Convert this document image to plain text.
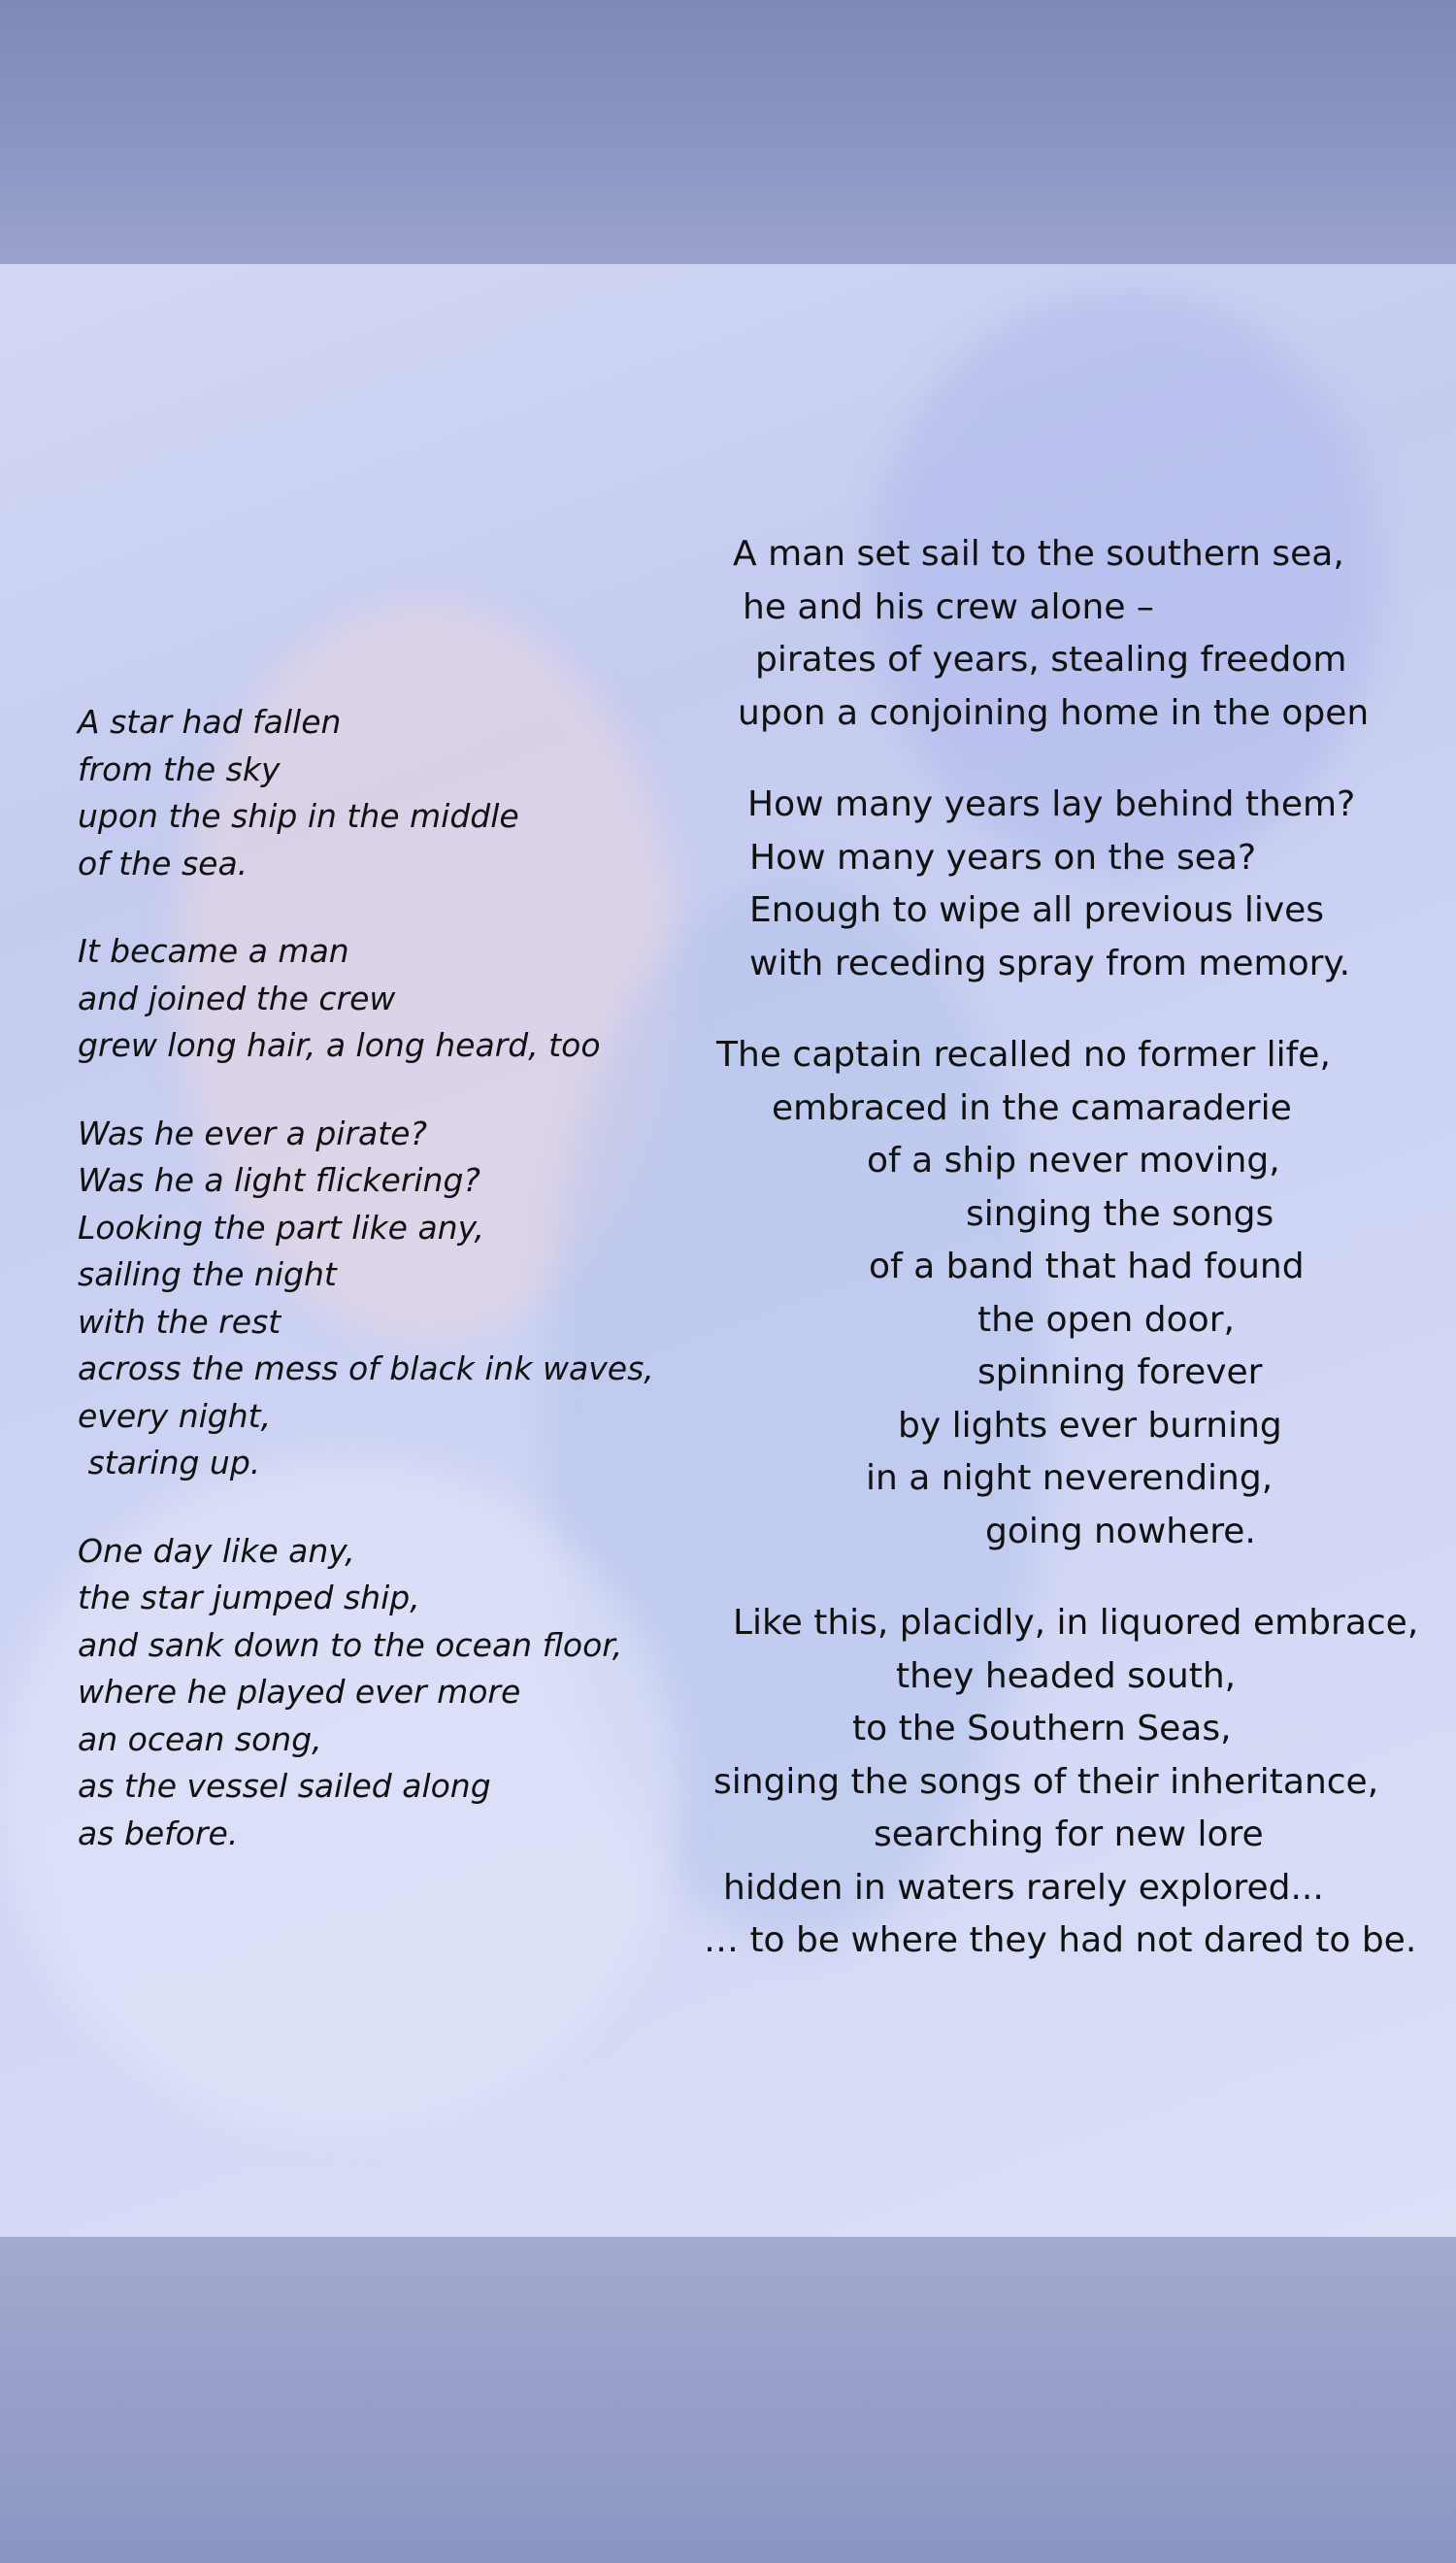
A star had fallen
from the sky
upon the ship in the middle
of the sea.
It became a man
and joined the crew
grew long hair, a long heard, too
Was he ever a pirate?
Was he a light flickering?
Looking the part like any,
sailing the night
with the rest
across the mess of black ink waves,
every night,
staring up.
One day like any,
the star jumped ship,
and sank down to the ocean floor,
where he played ever more
an ocean song,
as the vessel sailed along
as before.
A man set sail to the southern sea,
he and his crew alone –
pirates of years, stealing freedom
upon a conjoining home in the open
How many years lay behind them?
How many years on the sea?
Enough to wipe all previous lives
with receding spray from memory.
The captain recalled no former life,
embraced in the camaraderie
of a ship never moving,
singing the songs
of a band that had found
the open door,
spinning forever
by lights ever burning
in a night neverending,
going nowhere.
Like this, placidly, in liquored embrace,
they headed south,
to the Southern Seas,
singing the songs of their inheritance,
searching for new lore
hidden in waters rarely explored...
… to be where they had not dared to be.
